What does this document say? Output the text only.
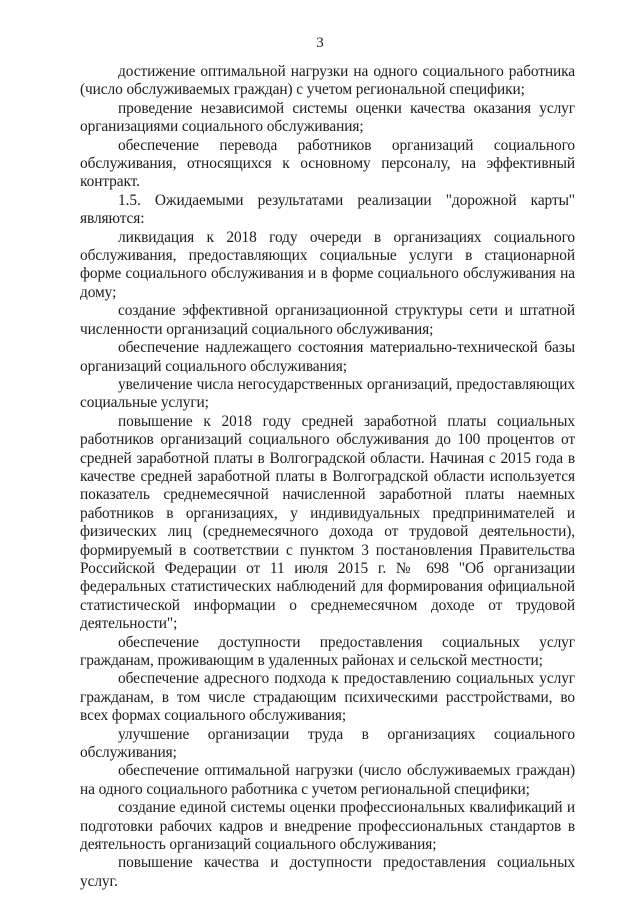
3

достижение оптимальной нагрузки на одного социального работника (число обслуживаемых граждан) с учетом региональной специфики;

проведение независимой системы оценки качества оказания услуг организациями социального обслуживания;

обеспечение перевода работников организаций социального обслуживания, относящихся к основному персоналу, на эффективный контракт.

1.5. Ожидаемыми результатами реализации "дорожной карты" являются:

ликвидация к 2018 году очереди в организациях социального обслуживания, предоставляющих социальные услуги в стационарной форме социального обслуживания и в форме социального обслуживания на дому;

создание эффективной организационной структуры сети и штатной численности организаций социального обслуживания;

обеспечение надлежащего состояния материально-технической базы организаций социального обслуживания;

увеличение числа негосударственных организаций, предоставляющих социальные услуги;

повышение к 2018 году средней заработной платы социальных работников организаций социального обслуживания до 100 процентов от средней заработной платы в Волгоградской области. Начиная с 2015 года в качестве средней заработной платы в Волгоградской области используется показатель среднемесячной начисленной заработной платы наемных работников в организациях, у индивидуальных предпринимателей и физических лиц (среднемесячного дохода от трудовой деятельности), формируемый в соответствии с пунктом 3 постановления Правительства Российской Федерации от 11 июля 2015 г. № 698 "Об организации федеральных статистических наблюдений для формирования официальной статистической информации о среднемесячном доходе от трудовой деятельности";

обеспечение доступности предоставления социальных услуг гражданам, проживающим в удаленных районах и сельской местности;

обеспечение адресного подхода к предоставлению социальных услуг гражданам, в том числе страдающим психическими расстройствами, во всех формах социального обслуживания;

улучшение организации труда в организациях социального обслуживания;

обеспечение оптимальной нагрузки (число обслуживаемых граждан) на одного социального работника с учетом региональной специфики;

создание единой системы оценки профессиональных квалификаций и подготовки рабочих кадров и внедрение профессиональных стандартов в деятельность организаций социального обслуживания;

повышение качества и доступности предоставления социальных услуг.
